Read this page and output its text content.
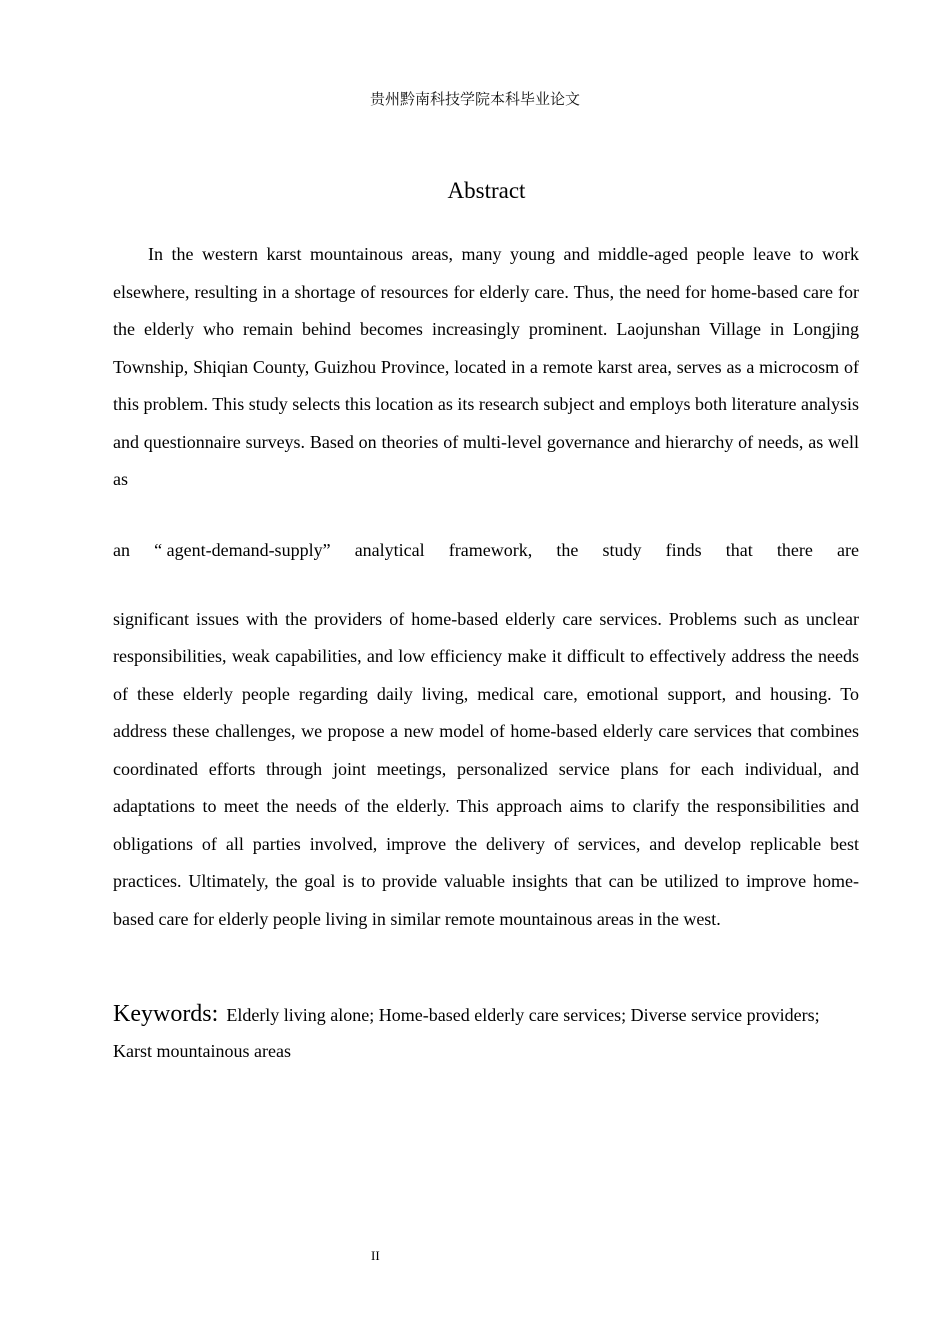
贵州黔南科技学院本科毕业论文
Abstract
In the western karst mountainous areas, many young and middle-aged people leave to work elsewhere, resulting in a shortage of resources for elderly care. Thus, the need for home-based care for the elderly who remain behind becomes increasingly prominent. Laojunshan Village in Longjing Township, Shiqian County, Guizhou Province, located in a remote karst area, serves as a microcosm of this problem. This study selects this location as its research subject and employs both literature analysis and questionnaire surveys. Based on theories of multi-level governance and hierarchy of needs, as well as
an “ agent-demand-supply” analytical framework, the study finds that there are
significant issues with the providers of home-based elderly care services. Problems such as unclear responsibilities, weak capabilities, and low efficiency make it difficult to effectively address the needs of these elderly people regarding daily living, medical care, emotional support, and housing. To address these challenges, we propose a new model of home-based elderly care services that combines coordinated efforts through joint meetings, personalized service plans for each individual, and adaptations to meet the needs of the elderly. This approach aims to clarify the responsibilities and obligations of all parties involved, improve the delivery of services, and develop replicable best practices. Ultimately, the goal is to provide valuable insights that can be utilized to improve home-based care for elderly people living in similar remote mountainous areas in the west.
Keywords: Elderly living alone; Home-based elderly care services; Diverse service providers; Karst mountainous areas
II
